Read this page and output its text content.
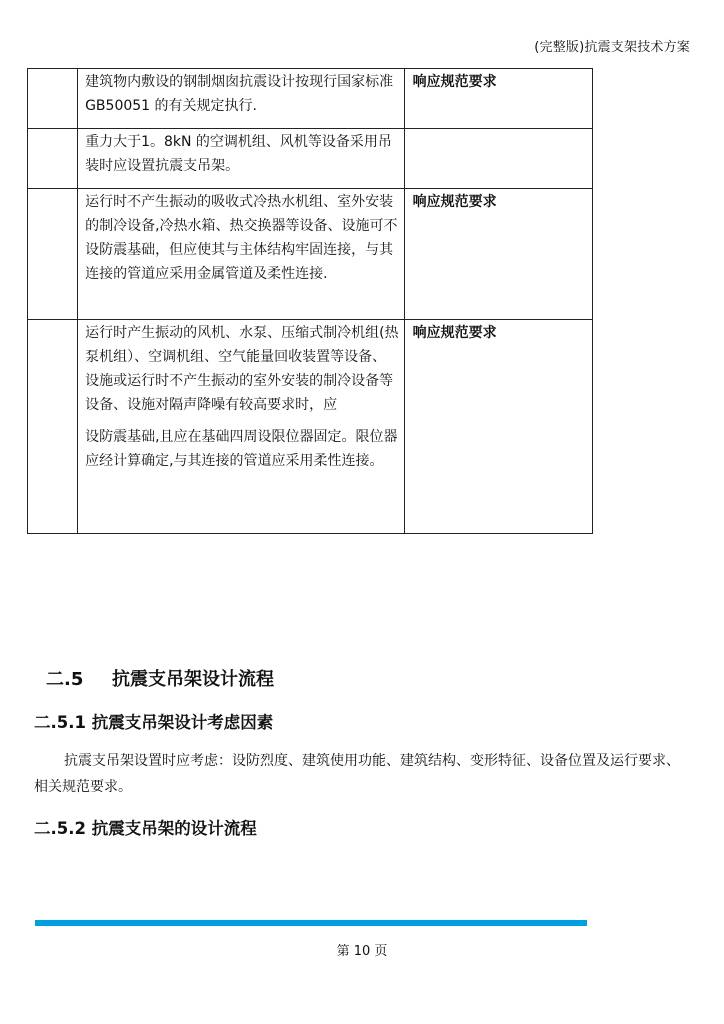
(完整版)抗震支架技术方案

	建筑物内敷设的钢制烟囱抗震设计按现行国家标准GB50051 的有关规定执行.	响应规范要求

	重力大于1。8kN 的空调机组、风机等设备采用吊装时应设置抗震支吊架。	

	运行时不产生振动的吸收式冷热水机组、室外安装的制冷设备,冷热水箱、热交换器等设备、设施可不设防震基础，但应使其与主体结构牢固连接，与其连接的管道应采用金属管道及柔性连接.	响应规范要求

	运行时产生振动的风机、水泵、压缩式制冷机组(热泵机组）、空调机组、空气能量回收装置等设备、设施或运行时不产生振动的室外安装的制冷设备等设备、设施对隔声降噪有较高要求时，应

设防震基础,且应在基础四周设限位器固定。限位器应经计算确定,与其连接的管道应采用柔性连接。	响应规范要求
二.5 抗震支吊架设计流程
二.5.1 抗震支吊架设计考虑因素

抗震支吊架设置时应考虑：设防烈度、建筑使用功能、建筑结构、变形特征、设备位置及运行要求、相关规范要求。

二.5.2 抗震支吊架的设计流程
第 10 页
